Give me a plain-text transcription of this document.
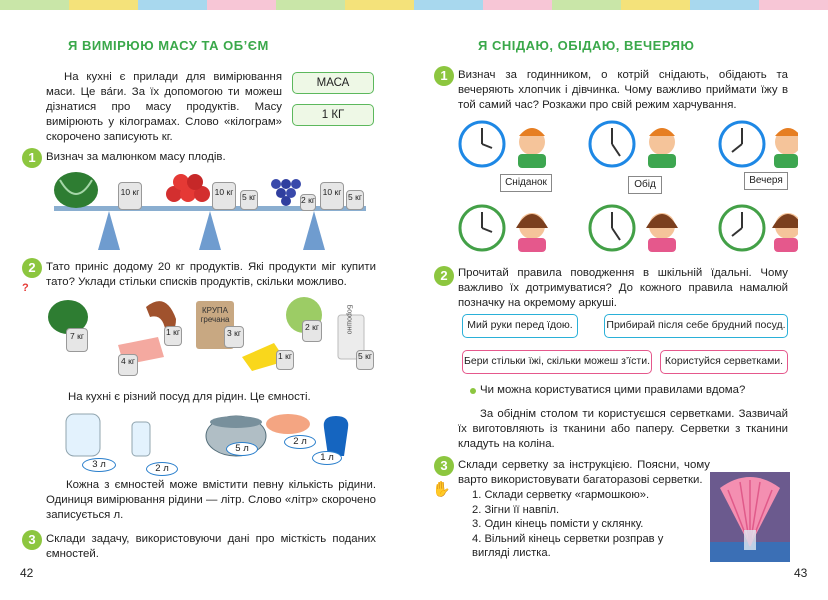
Я ВИМІРЮЮ МАСУ ТА ОБ’ЄМ
На кухні є прилади для вимірювання маси. Це ва́ги. За їх допомогою ти можеш дізнатися про масу продуктів. Масу вимірюють у кілограмах. Слово «кілограм» скорочено записують кг.
МАСА
1 КГ
1 Визнач за малюнком масу плодів.
10 кг	10 кг	5 кг	2 кг
10 кг 5 кг
2
?
Тато приніс додому 20 кг продуктів. Які продукти міг купити тато? Уклади стільки списків продуктів, скільки можливо.
7 кг
4 кг
1 кг
КРУПА гречана
3 кг
1 кг
2 кг	Борошно
5 кг
На кухні є різний посуд для рідин. Це ємності.
3 л	2 л
5 л
2 л
1 л
Кожна з ємностей може вмістити певну кількість рідини. Одиниця вимірювання рідини — літр. Слово «літр» скорочено записується л.
3 Склади задачу, використовуючи дані про місткість поданих ємностей.
42
Я СНІДАЮ, ОБІДАЮ, ВЕЧЕРЯЮ
1 Визнач за годинником, о котрій снідають, обідають та вечеряють хлопчик і дівчинка. Чому важливо приймати їжу в той самий час? Розкажи про свій режим харчування.
Сніданок	Обід	Вечеря
2 Прочитай правила поводження в шкільній їдальні. Чому важливо їх дотримуватися? До кожного правила намалюй позначку на окремому аркуші.
Мий руки перед їдою.	Прибирай після себе брудний посуд.
Бери стільки їжі, скільки можеш з’їсти.	Користуйся серветками.
Чи можна користуватися цими правилами вдома?
За обіднім столом ти користуєшся серветками. Зазвичай їх виготовляють із тканини або паперу. Серветки з тканини кладуть на коліна.
3
✋
Склади серветку за інструкцією. Поясни, чому варто використовувати багаторазові серветки.
1. Склади серветку «гармошкою».
2. Зігни її навпіл.
3. Один кінець помісти у склянку.
4. Вільний кінець серветки розправ у вигляді листка.
43
